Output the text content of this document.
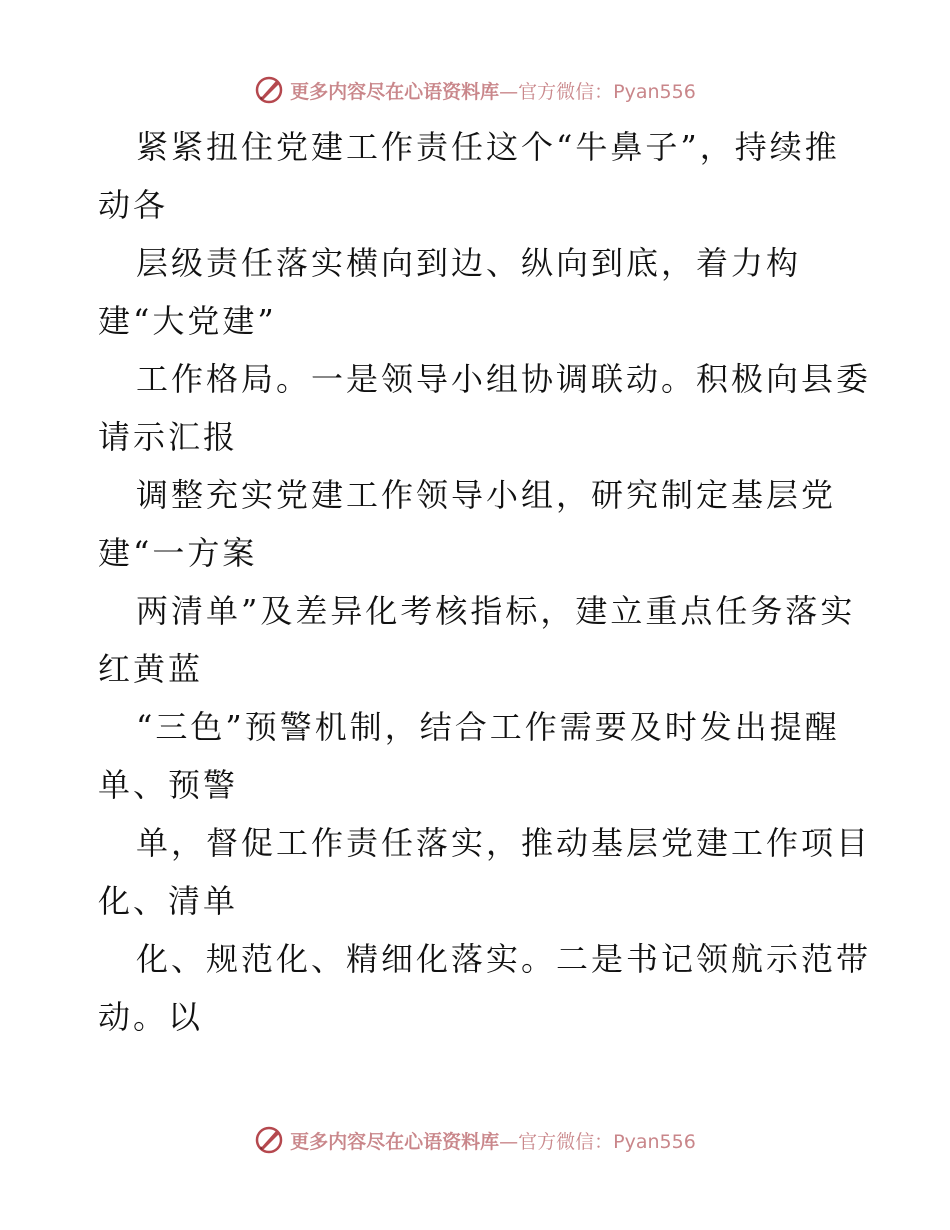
更多内容尽在心语资料库—官方微信：Pyan556
紧紧扭住党建工作责任这个“牛鼻子”，持续推
动各
层级责任落实横向到边、纵向到底，着力构
建“大党建”
工作格局。一是领导小组协调联动。积极向县委
请示汇报
调整充实党建工作领导小组，研究制定基层党
建“一方案
两清单”及差异化考核指标，建立重点任务落实
红黄蓝
“三色”预警机制，结合工作需要及时发出提醒
单、预警
单，督促工作责任落实，推动基层党建工作项目
化、清单
化、规范化、精细化落实。二是书记领航示范带
动。以
更多内容尽在心语资料库—官方微信：Pyan556
